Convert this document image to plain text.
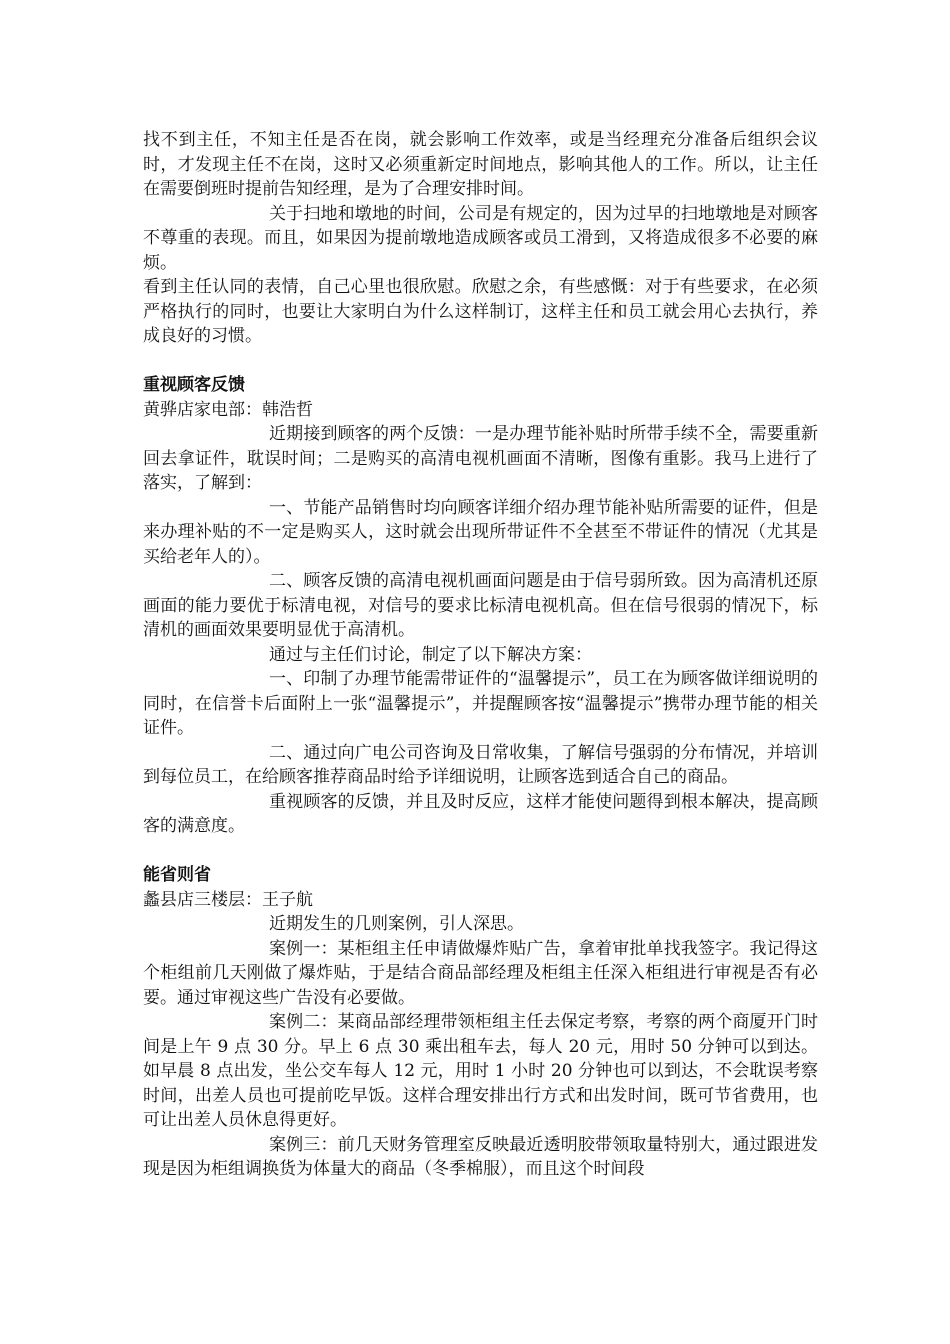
找不到主任，不知主任是否在岗，就会影响工作效率，或是当经理充分准备后组织会议时，才发现主任不在岗，这时又必须重新定时间地点，影响其他人的工作。所以，让主任在需要倒班时提前告知经理，是为了合理安排时间。

关于扫地和墩地的时间，公司是有规定的，因为过早的扫地墩地是对顾客不尊重的表现。而且，如果因为提前墩地造成顾客或员工滑到，又将造成很多不必要的麻烦。

看到主任认同的表情，自己心里也很欣慰。欣慰之余，有些感慨：对于有些要求，在必须严格执行的同时，也要让大家明白为什么这样制订，这样主任和员工就会用心去执行，养成良好的习惯。

重视顾客反馈

黄骅店家电部：韩浩哲

近期接到顾客的两个反馈：一是办理节能补贴时所带手续不全，需要重新回去拿证件，耽误时间；二是购买的高清电视机画面不清晰，图像有重影。我马上进行了落实，了解到：

一、节能产品销售时均向顾客详细介绍办理节能补贴所需要的证件，但是来办理补贴的不一定是购买人，这时就会出现所带证件不全甚至不带证件的情况（尤其是买给老年人的）。

二、顾客反馈的高清电视机画面问题是由于信号弱所致。因为高清机还原画面的能力要优于标清电视，对信号的要求比标清电视机高。但在信号很弱的情况下，标清机的画面效果要明显优于高清机。

通过与主任们讨论，制定了以下解决方案：

一、印制了办理节能需带证件的“温馨提示”，员工在为顾客做详细说明的同时，在信誉卡后面附上一张“温馨提示”，并提醒顾客按“温馨提示”携带办理节能的相关证件。

二、通过向广电公司咨询及日常收集，了解信号强弱的分布情况，并培训到每位员工，在给顾客推荐商品时给予详细说明，让顾客选到适合自己的商品。

重视顾客的反馈，并且及时反应，这样才能使问题得到根本解决，提高顾客的满意度。

能省则省

蠡县店三楼层：王子航

近期发生的几则案例，引人深思。

案例一：某柜组主任申请做爆炸贴广告，拿着审批单找我签字。我记得这个柜组前几天刚做了爆炸贴，于是结合商品部经理及柜组主任深入柜组进行审视是否有必要。通过审视这些广告没有必要做。

案例二：某商品部经理带领柜组主任去保定考察，考察的两个商厦开门时间是上午 9 点 30 分。早上 6 点 30 乘出租车去，每人 20 元，用时 50 分钟可以到达。如早晨 8 点出发，坐公交车每人 12 元，用时 1 小时 20 分钟也可以到达，不会耽误考察时间，出差人员也可提前吃早饭。这样合理安排出行方式和出发时间，既可节省费用，也可让出差人员休息得更好。

案例三：前几天财务管理室反映最近透明胶带领取量特别大，通过跟进发现是因为柜组调换货为体量大的商品（冬季棉服），而且这个时间段
